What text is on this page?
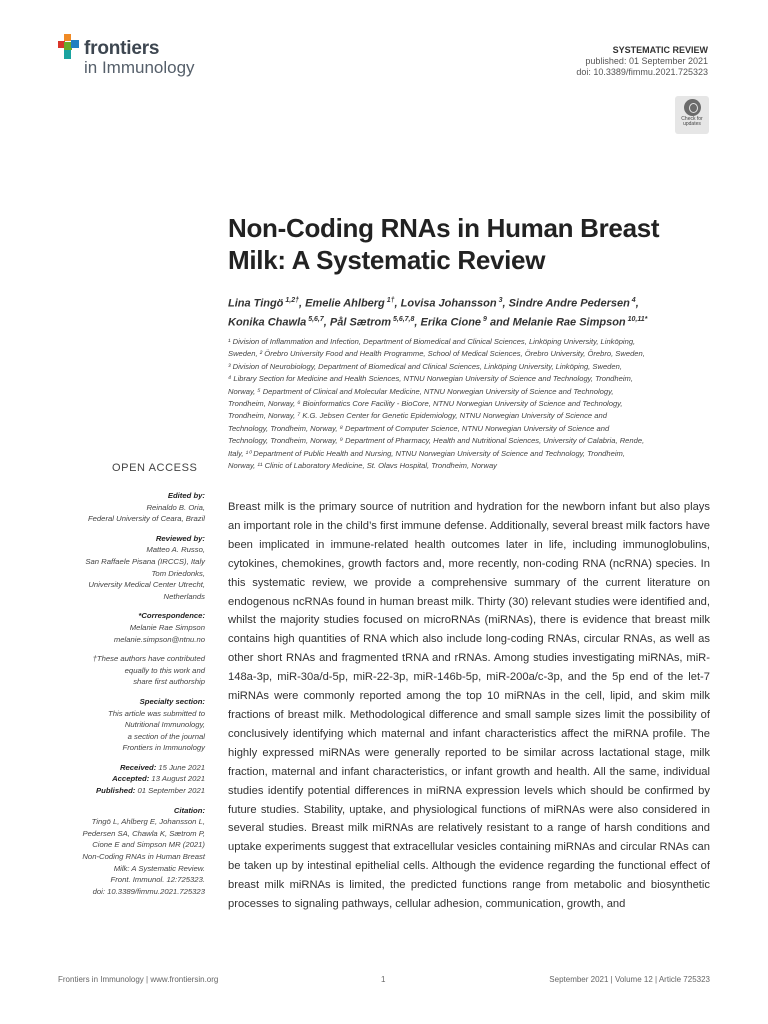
frontiers
in Immunology
SYSTEMATIC REVIEW
published: 01 September 2021
doi: 10.3389/fimmu.2021.725323
Check for updates
Non-Coding RNAs in Human Breast Milk: A Systematic Review
Lina Tingö $^{1,2\dagger}$, Emelie Ahlberg $^{1\dagger}$, Lovisa Johansson $^3$, Sindre Andre Pedersen $^4$,
Konika Chawla $^{5,6,7}$, Pål Sætrom $^{5,6,7,8}$, Erika Cione $^9$ and Melanie Rae Simpson $^{10,11*}$

¹ Division of Inflammation and Infection, Department of Biomedical and Clinical Sciences, Linköping University, Linköping,

Sweden, ² Örebro University Food and Health Programme, School of Medical Sciences, Örebro University, Örebro, Sweden,

³ Division of Neurobiology, Department of Biomedical and Clinical Sciences, Linköping University, Linköping, Sweden,

⁴ Library Section for Medicine and Health Sciences, NTNU Norwegian University of Science and Technology, Trondheim,

Norway, ⁵ Department of Clinical and Molecular Medicine, NTNU Norwegian University of Science and Technology,

Trondheim, Norway, ⁶ Bioinformatics Core Facility - BioCore, NTNU Norwegian University of Science and Technology,

Trondheim, Norway, ⁷ K.G. Jebsen Center for Genetic Epidemiology, NTNU Norwegian University of Science and

Technology, Trondheim, Norway, ⁸ Department of Computer Science, NTNU Norwegian University of Science and

Technology, Trondheim, Norway, ⁹ Department of Pharmacy, Health and Nutritional Sciences, University of Calabria, Rende,

Italy, ¹⁰ Department of Public Health and Nursing, NTNU Norwegian University of Science and Technology, Trondheim,

Norway, ¹¹ Clinic of Laboratory Medicine, St. Olavs Hospital, Trondheim, Norway

OPEN ACCESS
Edited by:
Reinaldo B. Oria,
Federal University of Ceara, Brazil
Reviewed by:
Matteo A. Russo,
San Raffaele Pisana (IRCCS), Italy
Tom Driedonks,
University Medical Center Utrecht,
Netherlands
*Correspondence:
Melanie Rae Simpson
melanie.simpson@ntnu.no
†These authors have contributed
equally to this work and
share first authorship
Specialty section:
This article was submitted to
Nutritional Immunology,
a section of the journal
Frontiers in Immunology
Received: 15 June 2021
Accepted: 13 August 2021
Published: 01 September 2021
Citation:
Tingö L, Ahlberg E, Johansson L,
Pedersen SA, Chawla K, Sætrom P,
Cione E and Simpson MR (2021)
Non-Coding RNAs in Human Breast
Milk: A Systematic Review.
Front. Immunol. 12:725323.
doi: 10.3389/fimmu.2021.725323
Breast milk is the primary source of nutrition and hydration for the newborn infant but also plays an important role in the child’s first immune defense. Additionally, several breast milk factors have been implicated in immune-related health outcomes later in life, including immunoglobulins, cytokines, chemokines, growth factors and, more recently, non-coding RNA (ncRNA) species. In this systematic review, we provide a comprehensive summary of the current literature on endogenous ncRNAs found in human breast milk. Thirty (30) relevant studies were identified and, whilst the majority studies focused on microRNAs (miRNAs), there is evidence that breast milk contains high quantities of RNA which also include long-coding RNAs, circular RNAs, as well as other short RNAs and fragmented tRNA and rRNAs. Among studies investigating miRNAs, miR-148a-3p, miR-30a/d-5p, miR-22-3p, miR-146b-5p, miR-200a/c-3p, and the 5p end of the let-7 miRNAs were commonly reported among the top 10 miRNAs in the cell, lipid, and skim milk fractions of breast milk. Methodological difference and small sample sizes limit the possibility of conclusively identifying which maternal and infant characteristics affect the miRNA profile. The highly expressed miRNAs were generally reported to be similar across lactational stage, milk fraction, maternal and infant characteristics, or infant growth and health. All the same, individual studies identify potential differences in miRNA expression levels which should be confirmed by future studies. Stability, uptake, and physiological functions of miRNAs were also considered in several studies. Breast milk miRNAs are relatively resistant to a range of harsh conditions and uptake experiments suggest that extracellular vesicles containing miRNAs and circular RNAs can be taken up by intestinal epithelial cells. Although the evidence regarding the functional effect of breast milk miRNAs is limited, the predicted functions range from metabolic and biosynthetic processes to signaling pathways, cellular adhesion, communication, growth, and
Frontiers in Immunology | www.frontiersin.org	1	September 2021 | Volume 12 | Article 725323
